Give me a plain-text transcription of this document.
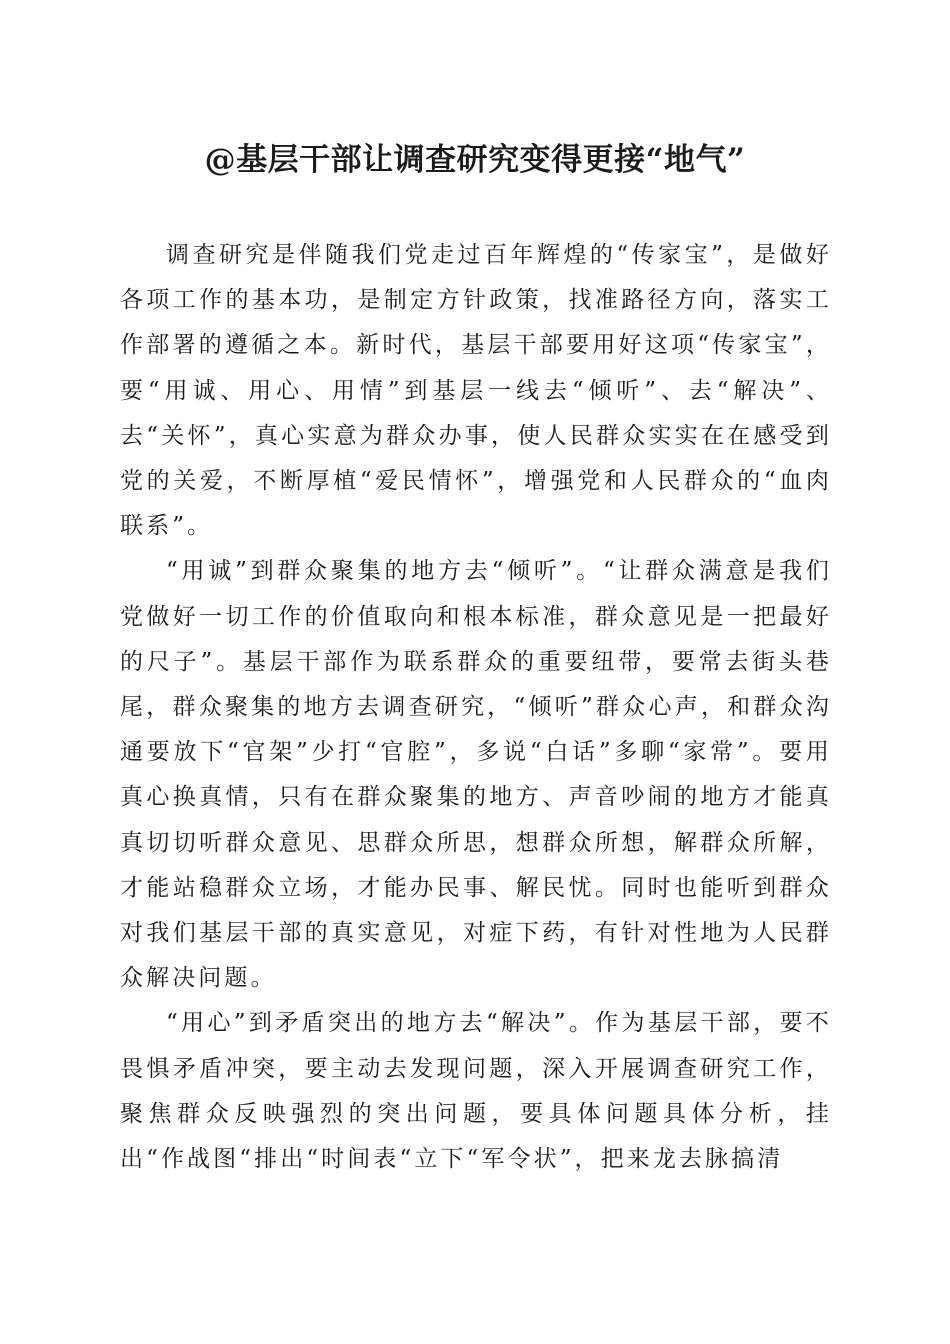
@基层干部让调查研究变得更接“地气”

调查研究是伴随我们党走过百年辉煌的“传家宝”，是做好各项工作的基本功，是制定方针政策，找准路径方向，落实工作部署的遵循之本。新时代，基层干部要用好这项“传家宝”，要“用诚、用心、用情”到基层一线去“倾听”、去“解决”、去“关怀”，真心实意为群众办事，使人民群众实实在在感受到党的关爱，不断厚植“爱民情怀”，增强党和人民群众的“血肉联系”。

“用诚”到群众聚集的地方去“倾听”。“让群众满意是我们党做好一切工作的价值取向和根本标准，群众意见是一把最好的尺子”。基层干部作为联系群众的重要纽带，要常去街头巷尾，群众聚集的地方去调查研究，“倾听”群众心声，和群众沟通要放下“官架”少打“官腔”，多说“白话”多聊“家常”。要用真心换真情，只有在群众聚集的地方、声音吵闹的地方才能真真切切听群众意见、思群众所思，想群众所想，解群众所解，才能站稳群众立场，才能办民事、解民忧。同时也能听到群众对我们基层干部的真实意见，对症下药，有针对性地为人民群众解决问题。

“用心”到矛盾突出的地方去“解决”。作为基层干部，要不畏惧矛盾冲突，要主动去发现问题，深入开展调查研究工作，聚焦群众反映强烈的突出问题，要具体问题具体分析，挂出“作战图“排出“时间表“立下“军令状”，把来龙去脉搞清
